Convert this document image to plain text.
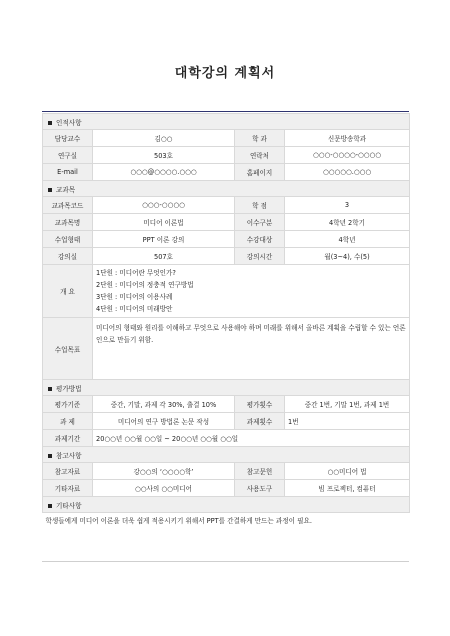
대학강의 계획서
인적사항			
담당교수	김○○	학 과	신문방송학과
연구실	503호	연락처	○○○-○○○○-○○○○
E-mail	○○○@○○○○.○○○	홈페이지	○○○○○.○○○
교과목			
교과목코드	○○○-○○○○	학 점	3
교과목명	미디어 이론법	이수구분	4학년 2학기
수업형태	PPT 이론 강의	수강대상	4학년
강의실	507호	강의시간	월(3~4), 수(5)
개 요	1단원 : 미디어란 무엇인가?
2단원 : 미디어의 정충적 연구방법
3단원 : 미디어의 이용사례
4단원 : 미디어의 미래방안		

수업목표	미디어의 형태와 원리를 이해하고 무엇으로 사용해야 하며 미래를 위해서 올바른 계획을 수립할 수 있는 언론인으로 만들기 위함.		
평가방법			
평가기준	중간, 기말, 과제 각 30%, 출결 10%	평가횟수	중간 1번, 기말 1번, 과제 1번
과 제	미디어의 연구 방법론 논문 작성	과제횟수	1번
과제기간	20○○년 ○○월 ○○일 ~ 20○○년 ○○월 ○○일		
참고사항			
참고자료	강○○의 ‘○○○○학’	참고문헌	○○미디어 법
기타자료	○○사의 ○○미디어	사용도구	빔 프로젝터, 컴퓨터
기타사항			
학생들에게 미디어 이론을 더욱 쉽게 적용시키기 위해서 PPT를 간결하게 만드는 과정이 필요.			
